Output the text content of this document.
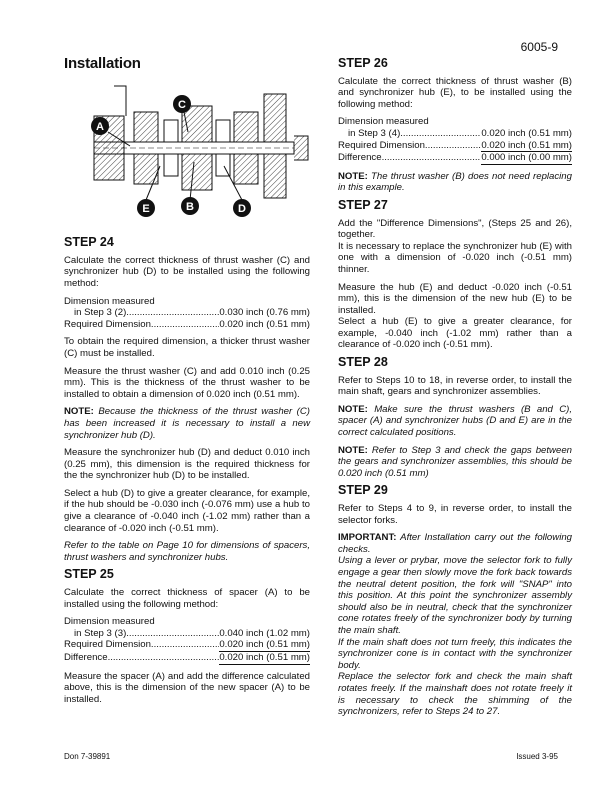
6005-9
Installation
A
C
E	B	D
STEP 24

Calculate the correct thickness of thrust washer (C) and synchronizer hub (D) to be installed using the following method:

Dimension measured
in Step 3 (2) .....	0.030 inch (0.76 mm)
Required Dimension .....	0.020 inch (0.51 mm)

To obtain the required dimension, a thicker thrust washer (C) must be installed.

Measure the thrust washer (C) and add 0.010 inch (0.25 mm). This is the thickness of the thrust washer to be installed to obtain a dimension of 0.020 inch (0.51 mm).

NOTE: Because the thickness of the thrust washer (C) has been increased it is necessary to install a new synchronizer hub (D).

Measure the synchronizer hub (D) and deduct 0.010 inch (0.25 mm), this dimension is the required thickness for the the synchronizer hub (D) to be installed.

Select a hub (D) to give a greater clearance, for example, if the hub should be -0.030 inch (-0.076 mm) use a hub to give a clearance of -0.040 inch (-1.02 mm) rather than a clearance of -0.020 inch (-0.51 mm).

Refer to the table on Page 10 for dimensions of spacers, thrust washers and synchronizer hubs.

STEP 25

Calculate the correct thickness of spacer (A) to be installed using the following method:

Dimension measured
in Step 3 (3) .....	0.040 inch (1.02 mm)
Required Dimension .....	0.020 inch (0.51 mm)
Difference .....	0.020 inch (0.51 mm)

Measure the spacer (A) and add the difference calculated above, this is the dimension of the new spacer (A) to be installed.

STEP 26

Calculate the correct thickness of thrust washer (B) and synchronizer hub (E), to be installed using the following method:

Dimension measured
in Step 3 (4) .....	0.020 inch (0.51 mm)
Required Dimension .....	0.020 inch (0.51 mm)
Difference .....	0.000 inch (0.00 mm)

NOTE: The thrust washer (B) does not need replacing in this example.

STEP 27

Add the "Difference Dimensions", (Steps 25 and 26), together.

It is necessary to replace the synchronizer hub (E) with one with a dimension of -0.020 inch (-0.51 mm) thinner.

Measure the hub (E) and deduct -0.020 inch (-0.51 mm), this is the dimension of the new hub (E) to be installed.

Select a hub (E) to give a greater clearance, for example, -0.040 inch (-1.02 mm) rather than a clearance of -0.020 inch (-0.51 mm).

STEP 28

Refer to Steps 10 to 18, in reverse order, to install the main shaft, gears and synchronizer assemblies.

NOTE: Make sure the thrust washers (B and C), spacer (A) and synchronizer hubs (D and E) are in the correct calculated positions.

NOTE: Refer to Step 3 and check the gaps between the gears and synchronizer assemblies, this should be 0.020 inch (0.51 mm)

STEP 29

Refer to Steps 4 to 9, in reverse order, to install the selector forks.

IMPORTANT: After Installation carry out the following checks.

Using a lever or prybar, move the selector fork to fully engage a gear then slowly move the fork back towards the neutral detent position, the fork will "SNAP" into this position. At this point the synchronizer assembly should also be in neutral, check that the synchronizer cone rotates freely of the synchronizer body by turning the main shaft.

If the main shaft does not turn freely, this indicates the synchronizer cone is in contact with the synchronizer body.

Replace the selector fork and check the main shaft rotates freely. If the mainshaft does not rotate freely it is necessary to check the shimming of the synchronizers, refer to Steps 24 to 27.

Don 7-39891	Issued 3-95
